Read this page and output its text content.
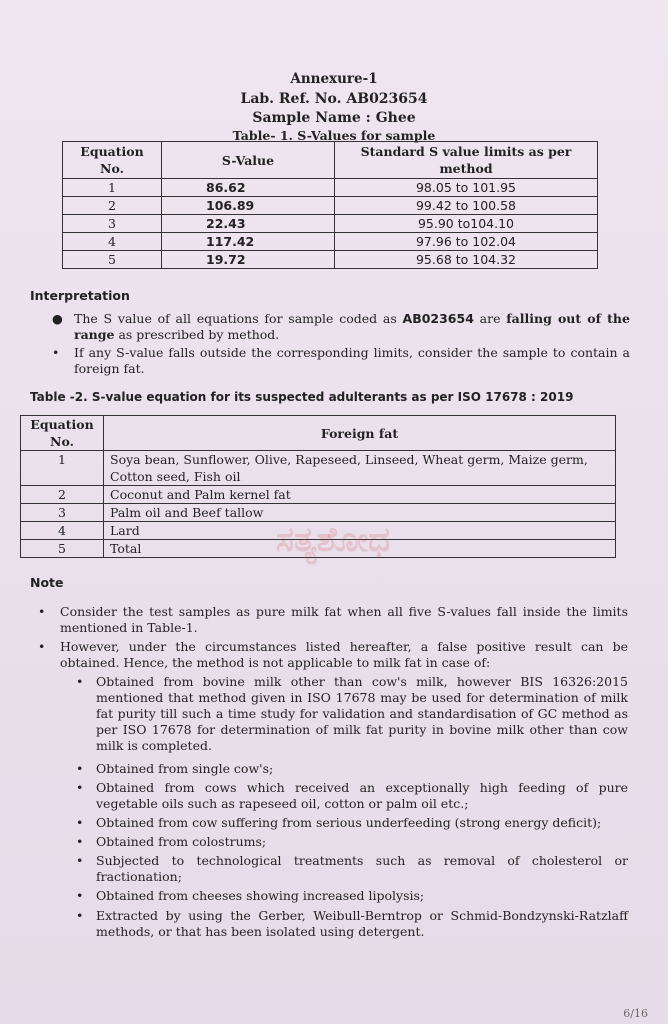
Annexure-1
Lab. Ref. No. AB023654
Sample Name : Ghee
Table- 1. S-Values for sample
Equation No.	S-Value	Standard S value limits as per method
1	86.62	98.05 to 101.95
2	106.89	99.42 to 100.58
3	22.43	95.90 to104.10
4	117.42	97.96 to 102.04
5	19.72	95.68 to 104.32
Interpretation
● The S value of all equations for sample coded as AB023654 are falling out of the range as prescribed by method.
• If any S-value falls outside the corresponding limits, consider the sample to contain a foreign fat.
Table -2. S-value equation for its suspected adulterants as per ISO 17678 : 2019
Equation No.	Foreign fat
1	Soya bean, Sunflower, Olive, Rapeseed, Linseed, Wheat germ, Maize germ, Cotton seed, Fish oil
2	Coconut and Palm kernel fat
3	Palm oil and Beef tallow
4	Lard
5	Total	ಸತ್ಯಶೋಧ
Note
• Consider the test samples as pure milk fat when all five S-values fall inside the limits mentioned in Table-1.
• However, under the circumstances listed hereafter, a false positive result can be obtained. Hence, the method is not applicable to milk fat in case of:
• Obtained from bovine milk other than cow's milk, however BIS 16326:2015 mentioned that method given in ISO 17678 may be used for determination of milk fat purity till such a time study for validation and standardisation of GC method as per ISO 17678 for determination of milk fat purity in bovine milk other than cow milk is completed.
• Obtained from single cow's;
• Obtained from cows which received an exceptionally high feeding of pure vegetable oils such as rapeseed oil, cotton or palm oil etc.;
• Obtained from cow suffering from serious underfeeding (strong energy deficit);
• Obtained from colostrums;
• Subjected to technological treatments such as removal of cholesterol or fractionation;
• Obtained from cheeses showing increased lipolysis;
• Extracted by using the Gerber, Weibull-Berntrop or Schmid-Bondzynski-Ratzlaff methods, or that has been isolated using detergent.
6/16
